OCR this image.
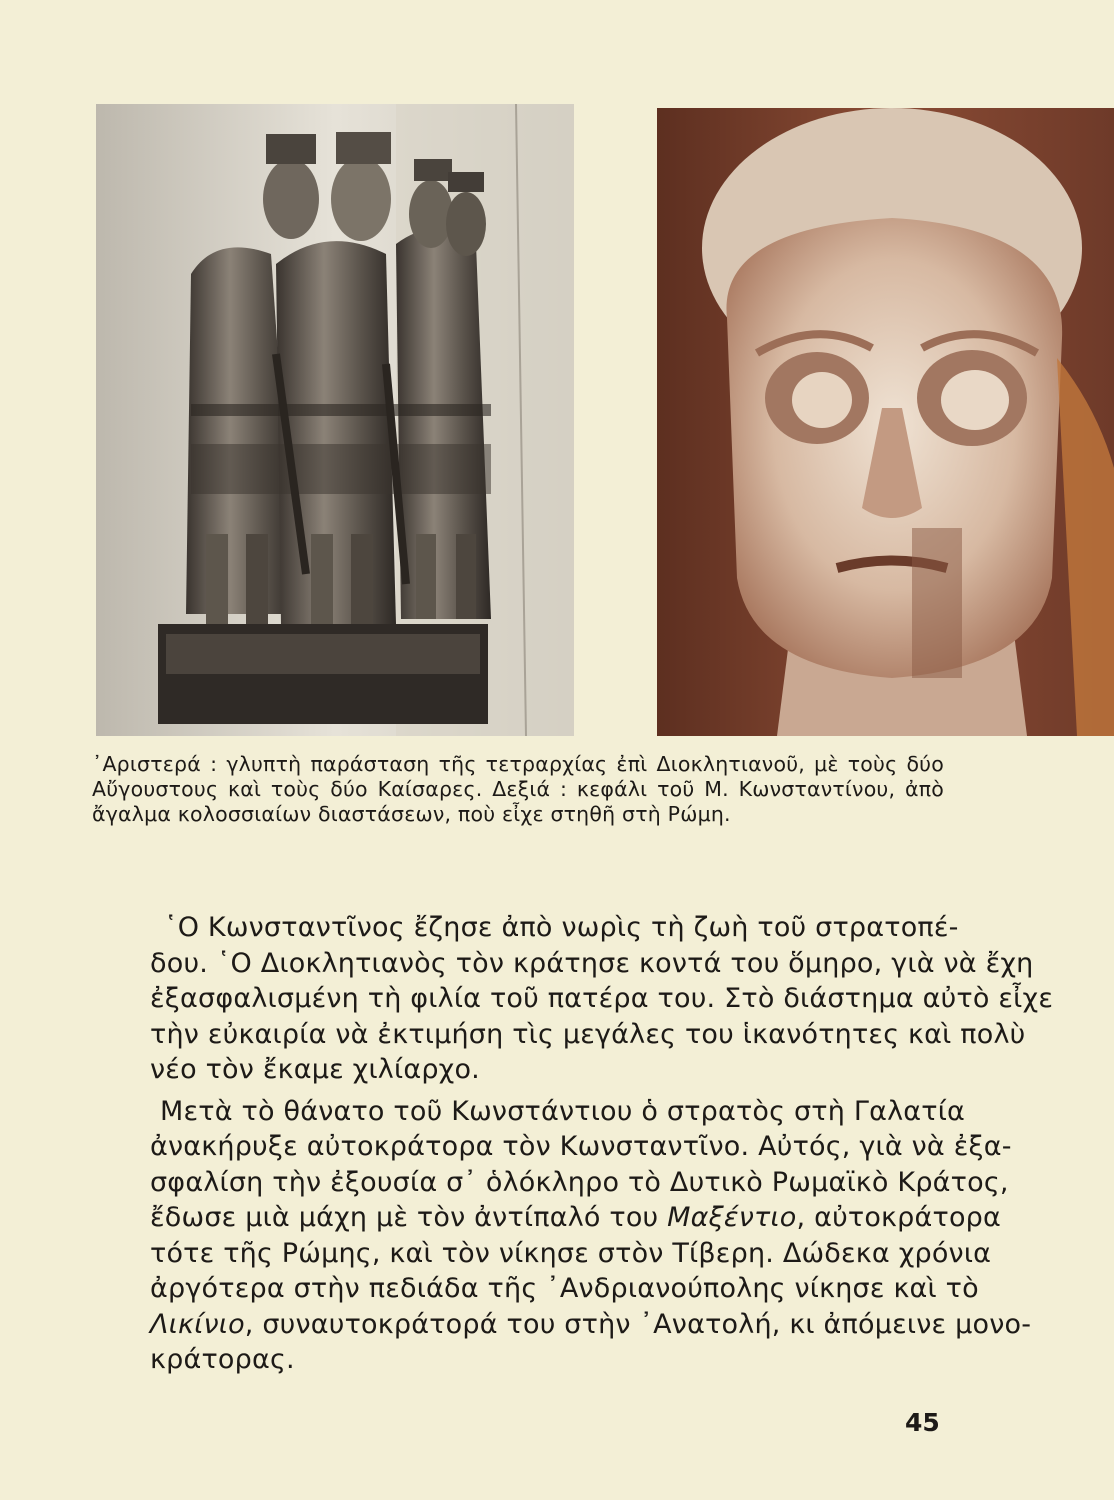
᾿Αριστερά : γλυπτὴ παράσταση τῆς τετραρχίας ἐπὶ Διοκλητιανοῦ, μὲ τοὺς δύο
Αὔγουστους καὶ τοὺς δύο Καίσαρες. Δεξιά : κεφάλι τοῦ Μ. Κωνσταντίνου, ἀπὸ
ἄγαλμα κολοσσιαίων διαστάσεων, ποὺ εἶχε στηθῆ στὴ Ρώμη.

῾Ο Κωνσταντῖνος ἔζησε ἀπὸ νωρὶς τὴ ζωὴ τοῦ στρατοπέ-
δου. ῾Ο Διοκλητιανὸς τὸν κράτησε κοντά του ὅμηρο, γιὰ νὰ ἔχη
ἐξασφαλισμένη τὴ φιλία τοῦ πατέρα του. Στὸ διάστημα αὐτὸ εἶχε
τὴν εὐκαιρία νὰ ἐκτιμήση τὶς μεγάλες του ἱκανότητες καὶ πολὺ
νέο τὸν ἔκαμε χιλίαρχο.

Μετὰ τὸ θάνατο τοῦ Κωνστάντιου ὁ στρατὸς στὴ Γαλατία
ἀνακήρυξε αὐτοκράτορα τὸν Κωνσταντῖνο. Αὐτός, γιὰ νὰ ἐξα-
σφαλίση τὴν ἐξουσία σ᾿ ὁλόκληρο τὸ Δυτικὸ Ρωμαϊκὸ Κράτος,
ἔδωσε μιὰ μάχη μὲ τὸν ἀντίπαλό του Μαξέντιο, αὐτοκράτορα
τότε τῆς Ρώμης, καὶ τὸν νίκησε στὸν Τίβερη. Δώδεκα χρόνια
ἀργότερα στὴν πεδιάδα τῆς ᾿Ανδριανούπολης νίκησε καὶ τὸ
Λικίνιο, συναυτοκράτορά του στὴν ᾿Ανατολή, κι ἀπόμεινε μονο-
κράτορας.

45
